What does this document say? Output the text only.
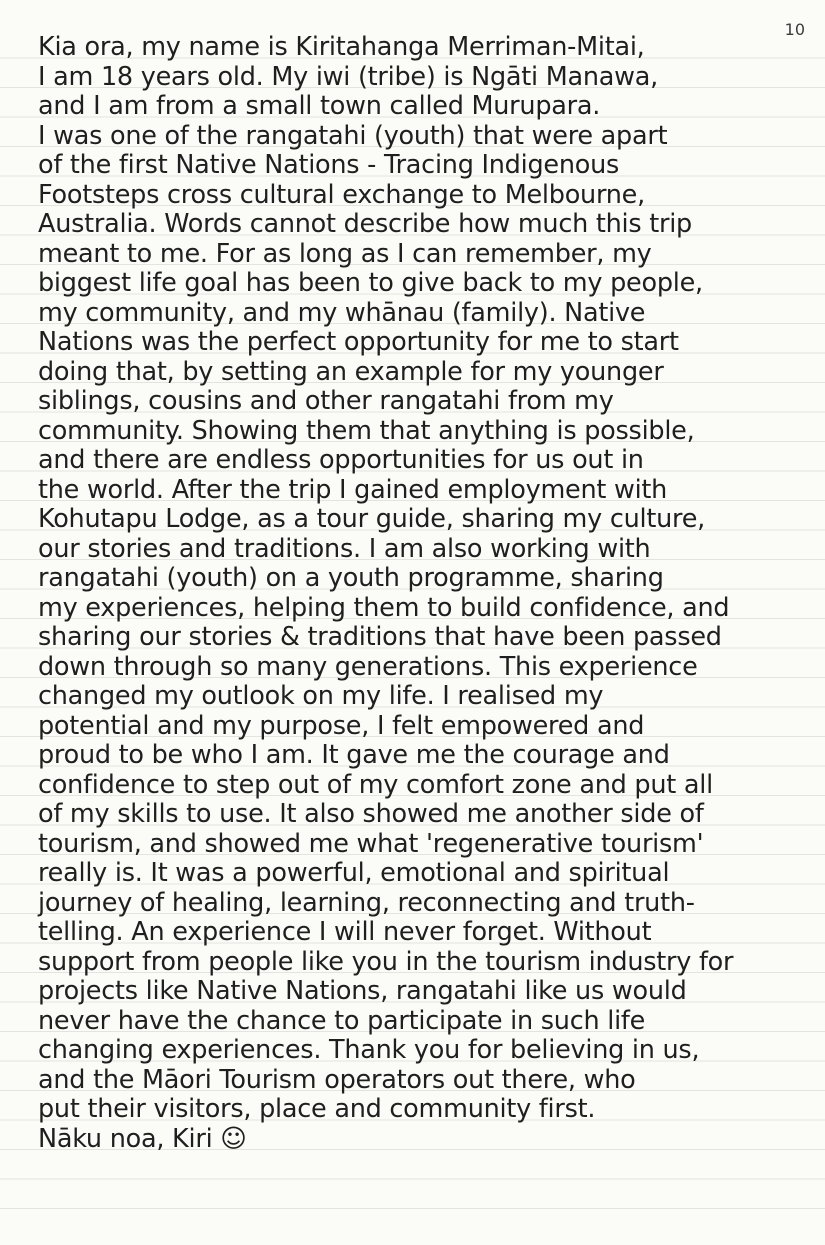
10
Kia ora, my name is Kiritahanga Merriman-Mitai,
I am 18 years old. My iwi (tribe) is Ngāti Manawa,
and I am from a small town called Murupara.
I was one of the rangatahi (youth) that were apart
of the first Native Nations - Tracing Indigenous
Footsteps cross cultural exchange to Melbourne,
Australia. Words cannot describe how much this trip
meant to me. For as long as I can remember, my
biggest life goal has been to give back to my people,
my community, and my whānau (family). Native
Nations was the perfect opportunity for me to start
doing that, by setting an example for my younger
siblings, cousins and other rangatahi from my
community. Showing them that anything is possible,
and there are endless opportunities for us out in
the world. After the trip I gained employment with
Kohutapu Lodge, as a tour guide, sharing my culture,
our stories and traditions. I am also working with
rangatahi (youth) on a youth programme, sharing
my experiences, helping them to build confidence, and
sharing our stories & traditions that have been passed
down through so many generations. This experience
changed my outlook on my life. I realised my
potential and my purpose, I felt empowered and
proud to be who I am. It gave me the courage and
confidence to step out of my comfort zone and put all
of my skills to use. It also showed me another side of
tourism, and showed me what 'regenerative tourism'
really is. It was a powerful, emotional and spiritual
journey of healing, learning, reconnecting and truth-
telling. An experience I will never forget. Without
support from people like you in the tourism industry for
projects like Native Nations, rangatahi like us would
never have the chance to participate in such life
changing experiences. Thank you for believing in us,
and the Māori Tourism operators out there, who
put their visitors, place and community first.
Nāku noa, Kiri ☺
